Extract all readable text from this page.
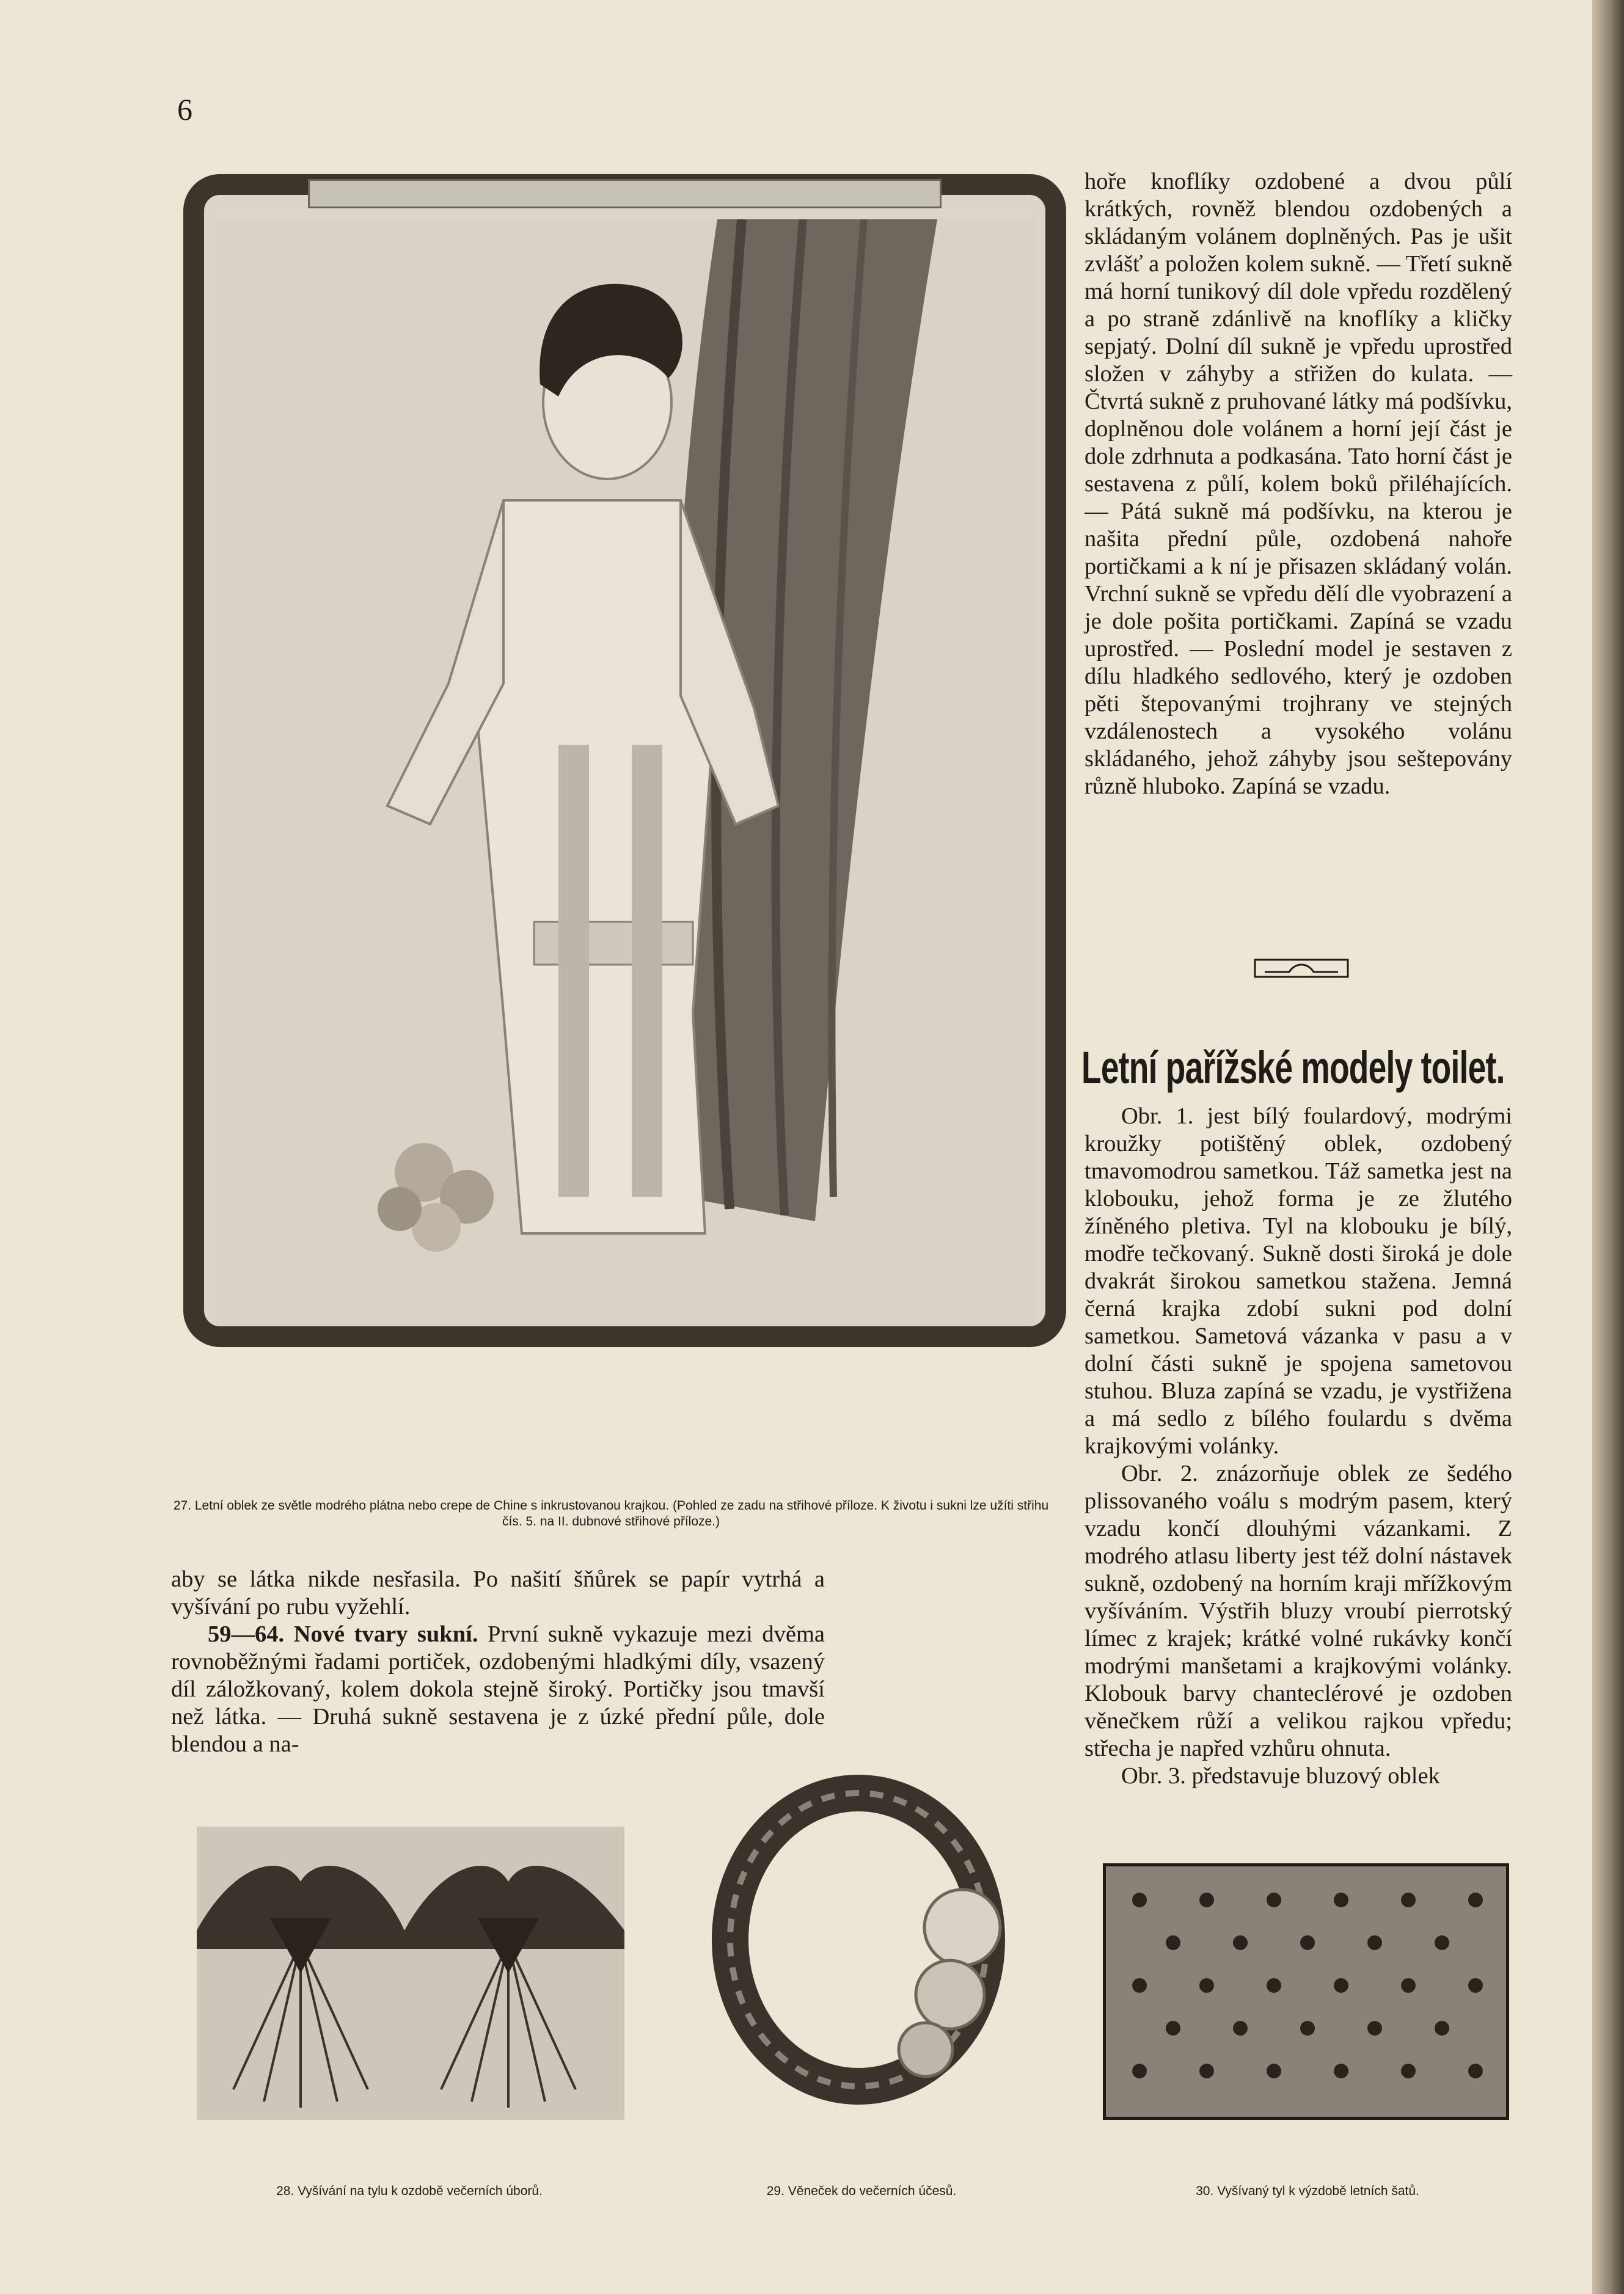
6

27. Letní oblek ze světle modrého plátna nebo crepe de Chine s inkrustovanou krajkou. (Pohled ze zadu na střihové příloze. K životu i sukni lze užíti střihu čís. 5. na II. dubnové střihové příloze.)

hoře knoflíky ozdobené a dvou půlí krátkých, rovněž blendou ozdobených a skládaným volánem doplněných. Pas je ušit zvlášť a položen kolem sukně. — Třetí sukně má horní tunikový díl dole vpředu rozdělený a po straně zdánlivě na knoflíky a kličky sepjatý. Dolní díl sukně je vpředu uprostřed složen v záhyby a střižen do kulata. — Čtvrtá sukně z pruhované látky má podšívku, doplněnou dole volánem a horní její část je dole zdrhnuta a podkasána. Tato horní část je sestavena z půlí, kolem boků přiléhajících. — Pátá sukně má podšívku, na kterou je našita přední půle, ozdobená nahoře portičkami a k ní je přisazen skládaný volán. Vrchní sukně se vpředu dělí dle vyobrazení a je dole pošita portičkami. Zapíná se vzadu uprostřed. — Poslední model je sestaven z dílu hladkého sedlového, který je ozdoben pěti štepovanými trojhrany ve stejných vzdálenostech a vysokého volánu skládaného, jehož záhyby jsou seštepovány různě hluboko. Zapíná se vzadu.

Letní pařížské modely toilet.

Obr. 1. jest bílý foulardový, modrými kroužky potištěný oblek, ozdobený tmavomodrou sametkou. Táž sametka jest na klobouku, jehož forma je ze žlutého žíněného pletiva. Tyl na klobouku je bílý, modře tečkovaný. Sukně dosti široká je dole dvakrát širokou sametkou stažena. Jemná černá krajka zdobí sukni pod dolní sametkou. Sametová vázanka v pasu a v dolní části sukně je spojena sametovou stuhou. Bluza zapíná se vzadu, je vystřižena a má sedlo z bílého foulardu s dvěma krajkovými volánky.

Obr. 2. znázorňuje oblek ze šedého plissovaného voálu s modrým pasem, který vzadu končí dlouhými vázankami. Z modrého atlasu liberty jest též dolní nástavek sukně, ozdobený na horním kraji mřížkovým vyšíváním. Výstřih bluzy vroubí pierrotský límec z krajek; krátké volné rukávky končí modrými manšetami a krajkovými volánky. Klobouk barvy chanteclérové je ozdoben věnečkem růží a velikou rajkou vpředu; střecha je napřed vzhůru ohnuta.

Obr. 3. představuje bluzový oblek

aby se látka nikde nesřasila. Po našití šňůrek se papír vytrhá a vyšívání po rubu vyžehlí.

59—64. Nové tvary sukní. První sukně vykazuje mezi dvěma rovnoběžnými řadami portiček, ozdobenými hladkými díly, vsazený díl záložkovaný, kolem dokola stejně široký. Portičky jsou tmavší než látka. — Druhá sukně sestavena je z úzké přední půle, dole blendou a na-

28. Vyšívání na tylu k ozdobě večerních úborů.	29. Věneček do večerních účesů.	30. Vyšívaný tyl k výzdobě letních šatů.
